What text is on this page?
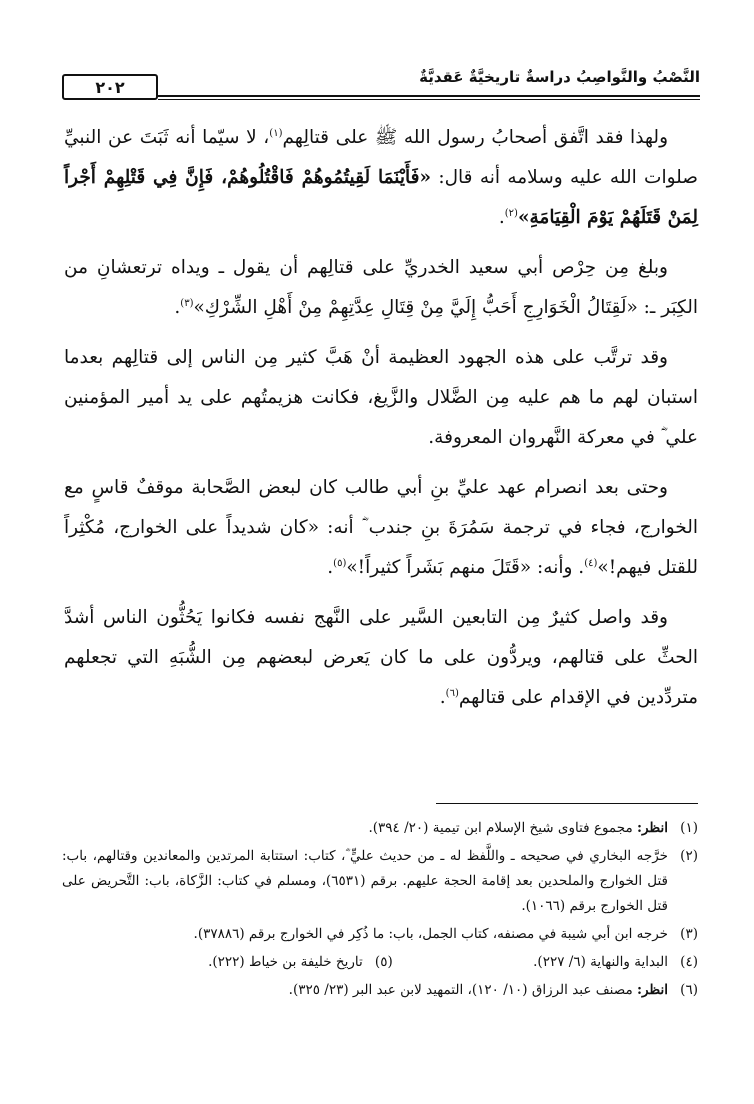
النَّصْبُ والنَّواصِبُ دراسةٌ تاريخيَّةٌ عَقديَّةٌ
٢٠٢

ولهذا فقد اتَّفق أصحابُ رسول الله ﷺ على قتالِهم$^{(١)}$، لا سيّما أنه ثَبَتَ عن النبيِّ صلوات الله عليه وسلامه أنه قال: «فَأَيْنَمَا لَقِيتُمُوهُمْ فَاقْتُلُوهُمْ، فَإِنَّ فِي قَتْلِهِمْ أَجْراً لِمَنْ قَتَلَهُمْ يَوْمَ الْقِيَامَةِ»$^{(٢)}$.

وبلغ مِن حِرْص أبي سعيد الخدريِّ على قتالِهم أن يقول ـ ويداه ترتعشانِ من الكِبَر ـ: «لَقِتَالُ الْخَوَارِجِ أَحَبُّ إِلَيَّ مِنْ قِتَالِ عِدَّتِهِمْ مِنْ أَهْلِ الشِّرْكِ»$^{(٣)}$.

وقد ترتَّب على هذه الجهود العظيمة أنْ هَبَّ كثير مِن الناس إلى قتالِهم بعدما استبان لهم ما هم عليه مِن الضَّلال والزَّيغ، فكانت هزيمتُهم على يد أمير المؤمنين علي ؓ في معركة النَّهروان المعروفة.

وحتى بعد انصرام عهد عليِّ بنِ أبي طالب كان لبعض الصَّحابة موقفٌ قاسٍ مع الخوارج، فجاء في ترجمة سَمُرَةَ بنِ جندب ؓ أنه: «كان شديداً على الخوارج، مُكْثِراً للقتل فيهم!»$^{(٤)}$. وأنه: «قَتَلَ منهم بَشَراً كثيراً!»$^{(٥)}$.

وقد واصل كثيرٌ مِن التابعين السَّير على النَّهج نفسه فكانوا يَحُثُّون الناس أشدَّ الحثِّ على قتالهم، ويردُّون على ما كان يَعرض لبعضهم مِن الشُّبَهِ التي تجعلهم متردِّدين في الإقدام على قتالهم$^{(٦)}$.

(١)
انظر: مجموع فتاوى شيخ الإسلام ابن تيمية (٢٠/ ٣٩٤).
(٢)
خرَّجه البخاري في صحيحه ـ واللَّفظ له ـ من حديث عليٍّ ؓ، كتاب: استتابة المرتدين والمعاندين وقتالهم، باب: قتل الخوارج والملحدين بعد إقامة الحجة عليهم. برقم (٦٥٣١)، ومسلم في كتاب: الزَّكاة، باب: التَّحريض على قتل الخوارج برقم (١٠٦٦).
(٣)
خرجه ابن أبي شيبة في مصنفه، كتاب الجمل، باب: ما ذُكِر في الخوارج برقم (٣٧٨٨٦).
(٤)
البداية والنهاية (٦/ ٢٢٧).
(٥)
تاريخ خليفة بن خياط (٢٢٢).
(٦)
انظر: مصنف عبد الرزاق (١٠/ ١٢٠)، التمهيد لابن عبد البر (٢٣/ ٣٢٥).
